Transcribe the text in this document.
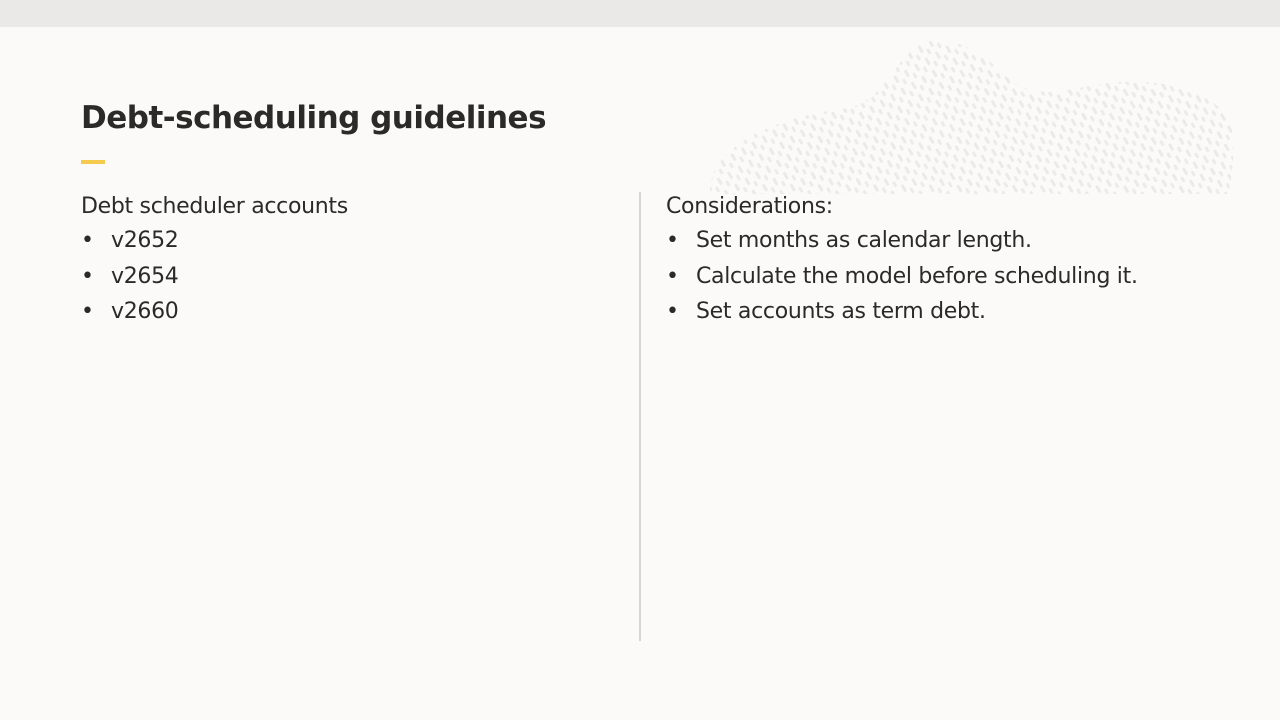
Debt-scheduling guidelines
Debt scheduler accounts
• v2652
• v2654
• v2660
Considerations:
• Set months as calendar length.
• Calculate the model before scheduling it.
• Set accounts as term debt.
